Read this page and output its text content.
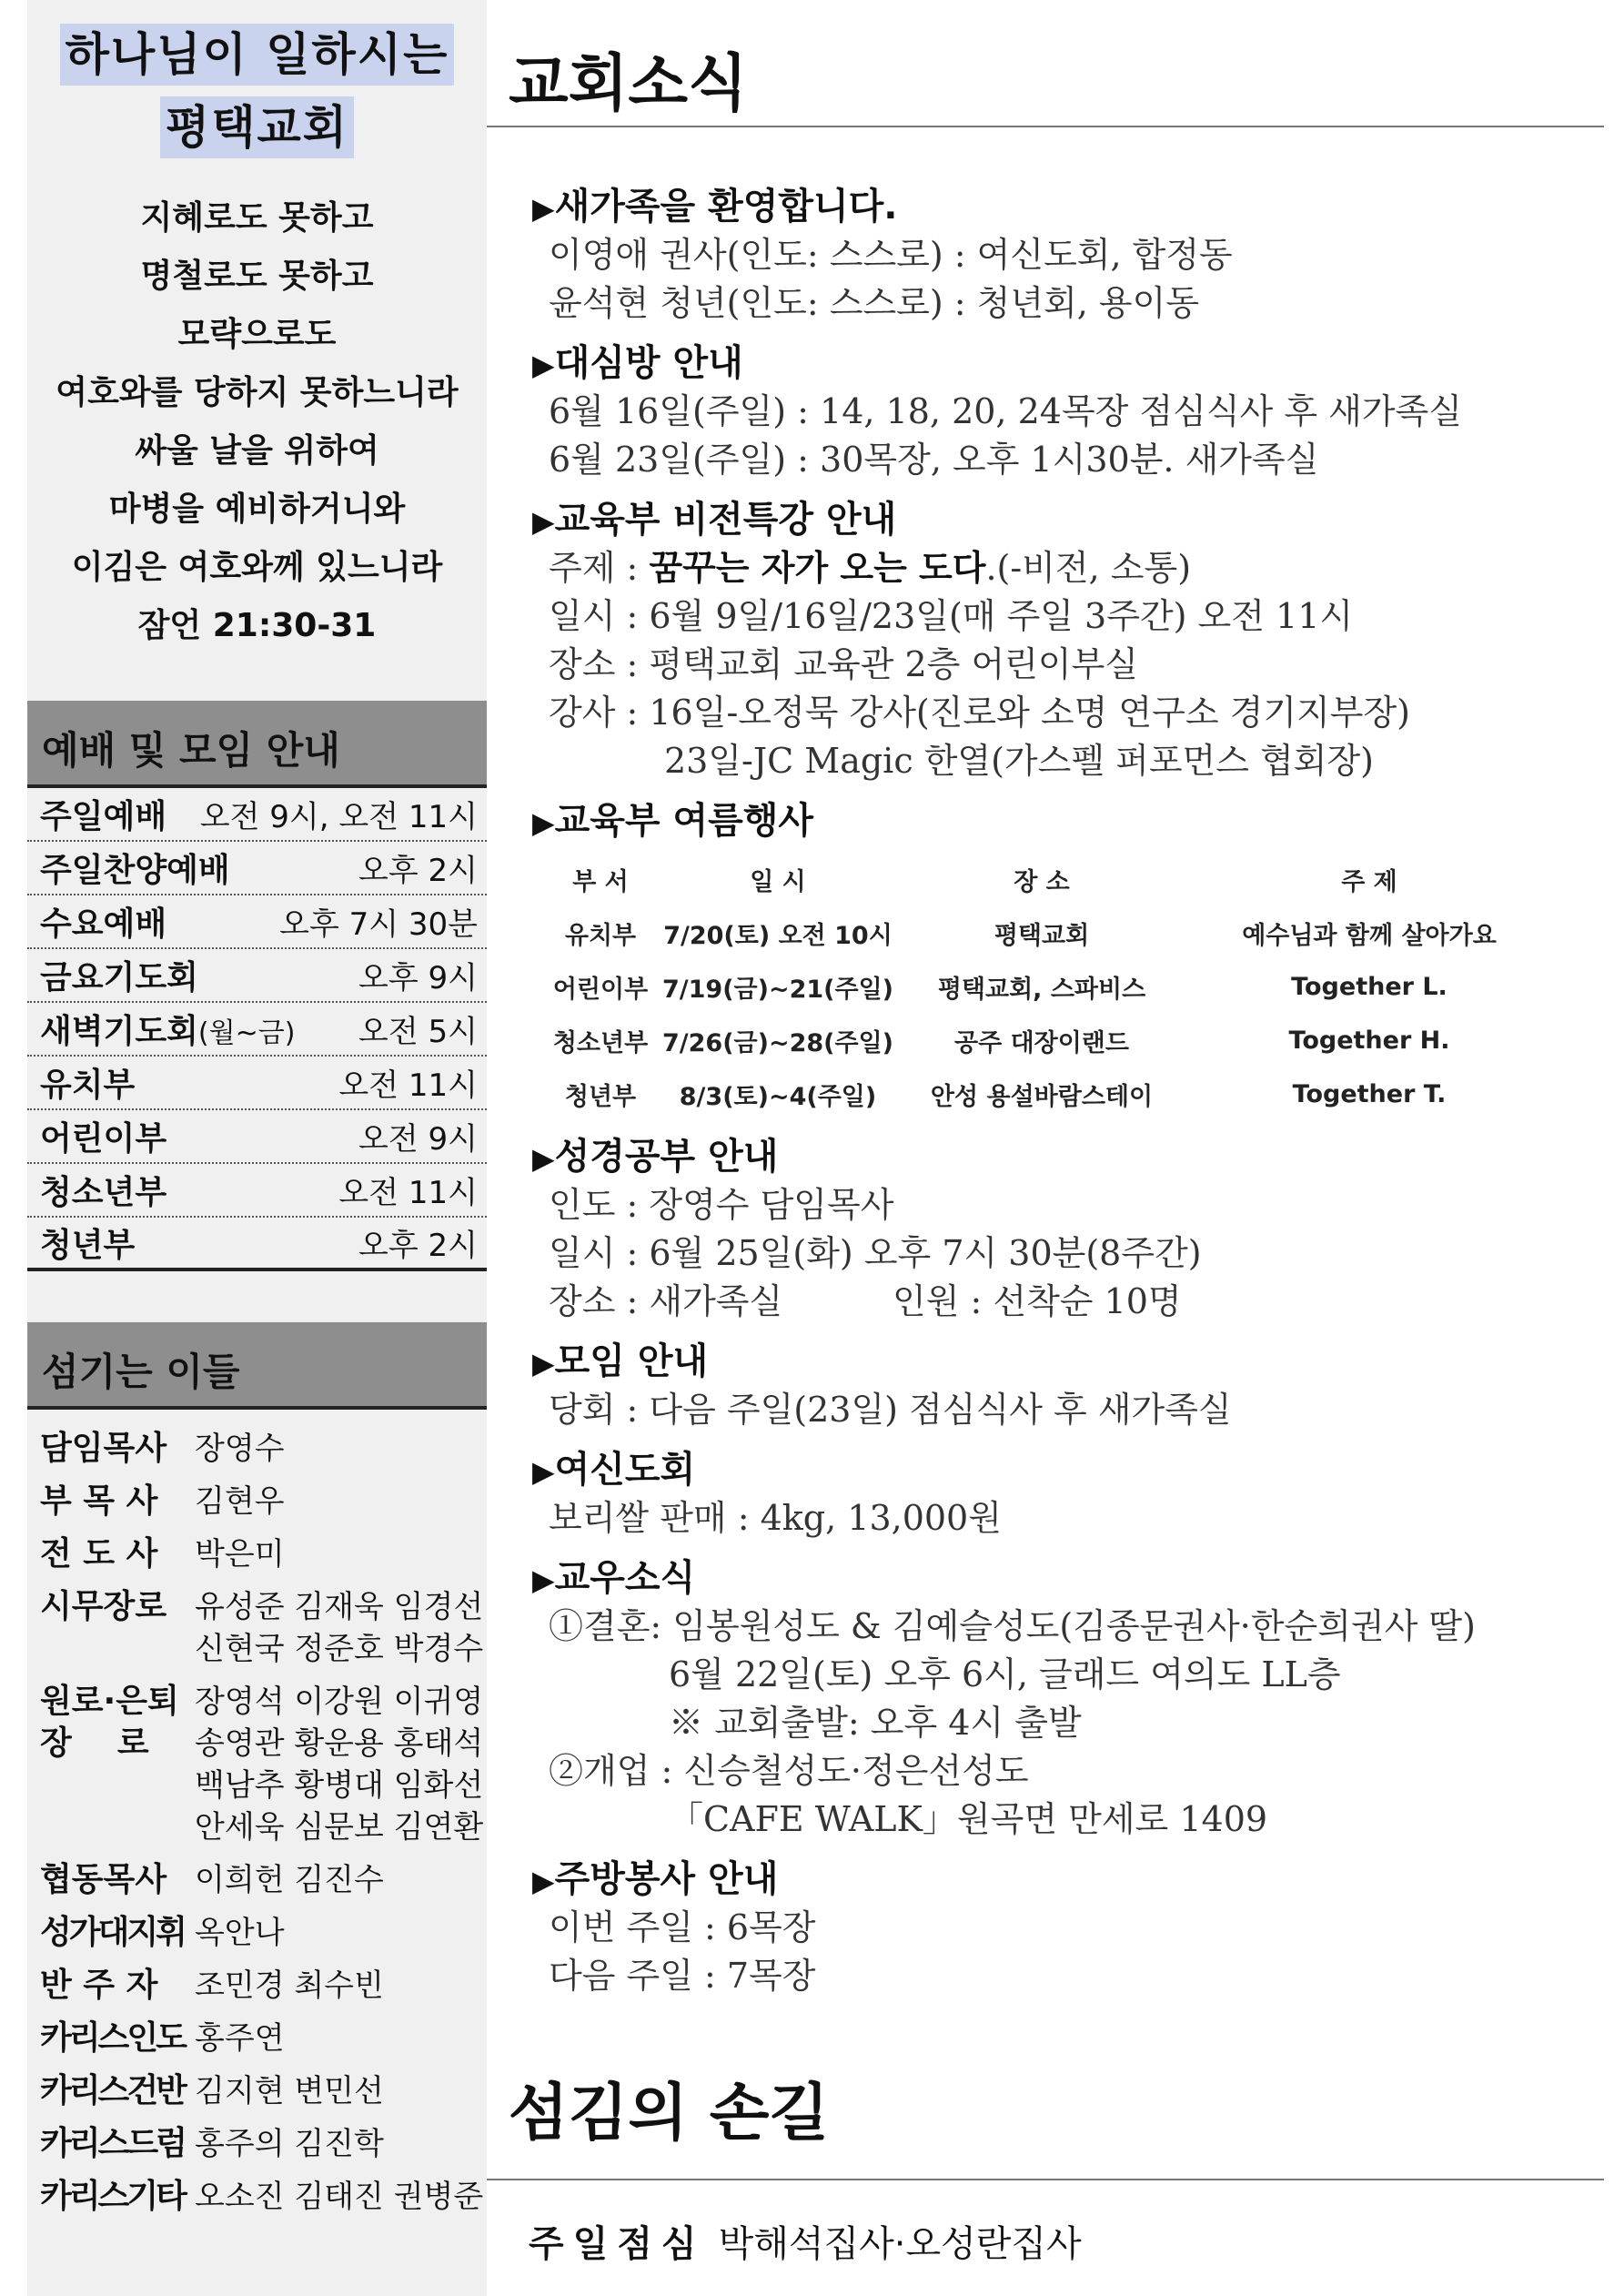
하나님이 일하시는
평택교회
지혜로도 못하고
명철로도 못하고
모략으로도
여호와를 당하지 못하느니라
싸울 날을 위하여
마병을 예비하거니와
이김은 여호와께 있느니라
잠언 21:30-31
예배 및 모임 안내
주일예배 오전 9시, 오전 11시
주일찬양예배	오후 2시
수요예배	오후 7시 30분
금요기도회	오후 9시
새벽기도회(월~금) 오전 5시
유치부	오전 11시
어린이부	오전 9시
청소년부	오전 11시
청년부	오후 2시
섬기는 이들
담임목사 장영수
부 목 사	김현우
전 도 사	박은미
시무장로 유성준 김재욱 임경선
신현국 정준호 박경수
원로·은퇴
장    로
장영석 이강원 이귀영
송영관 황운용 홍태석
백남추 황병대 임화선
안세욱 심문보 김연환
협동목사 이희헌 김진수
성가대지휘 옥안나
반 주 자	조민경 최수빈
카리스인도 홍주연
카리스건반 김지현 변민선
카리스드럼 홍주의 김진학
카리스기타 오소진 김태진 권병준
교회소식
▶새가족을 환영합니다.

이영애 권사(인도: 스스로) : 여신도회, 합정동

윤석현 청년(인도: 스스로) : 청년회, 용이동

▶대심방 안내

6월 16일(주일) : 14, 18, 20, 24목장 점심식사 후 새가족실

6월 23일(주일) : 30목장, 오후 1시30분. 새가족실

▶교육부 비전특강 안내

주제 : 꿈꾸는 자가 오는 도다.(-비전, 소통)

일시 : 6월 9일/16일/23일(매 주일 3주간) 오전 11시

장소 : 평택교회 교육관 2층 어린이부실

강사 : 16일-오정묵 강사(진로와 소명 연구소 경기지부장)

23일-JC Magic 한열(가스펠 퍼포먼스 협회장)

▶교육부 여름행사
부 서	일 시	장 소	주 제
유치부	7/20(토) 오전 10시	평택교회	예수님과 함께 살아가요
어린이부	7/19(금)~21(주일)	평택교회, 스파비스	Together L.
청소년부	7/26(금)~28(주일)	공주 대장이랜드	Together H.
청년부	8/3(토)~4(주일)	안성 용설바람스테이	Together T.
▶성경공부 안내

인도 : 장영수 담임목사

일시 : 6월 25일(화) 오후 7시 30분(8주간)

장소 : 새가족실          인원 : 선착순 10명

▶모임 안내

당회 : 다음 주일(23일) 점심식사 후 새가족실

▶여신도회

보리쌀 판매 : 4kg, 13,000원

▶교우소식

①결혼: 임봉원성도 & 김예슬성도(김종문권사·한순희권사 딸)

6월 22일(토) 오후 6시, 글래드 여의도 LL층

※ 교회출발: 오후 4시 출발

②개업 : 신승철성도·정은선성도

「CAFE WALK」원곡면 만세로 1409

▶주방봉사 안내

이번 주일 : 6목장

다음 주일 : 7목장

섬김의 손길
주일점심 박해석집사·오성란집사
